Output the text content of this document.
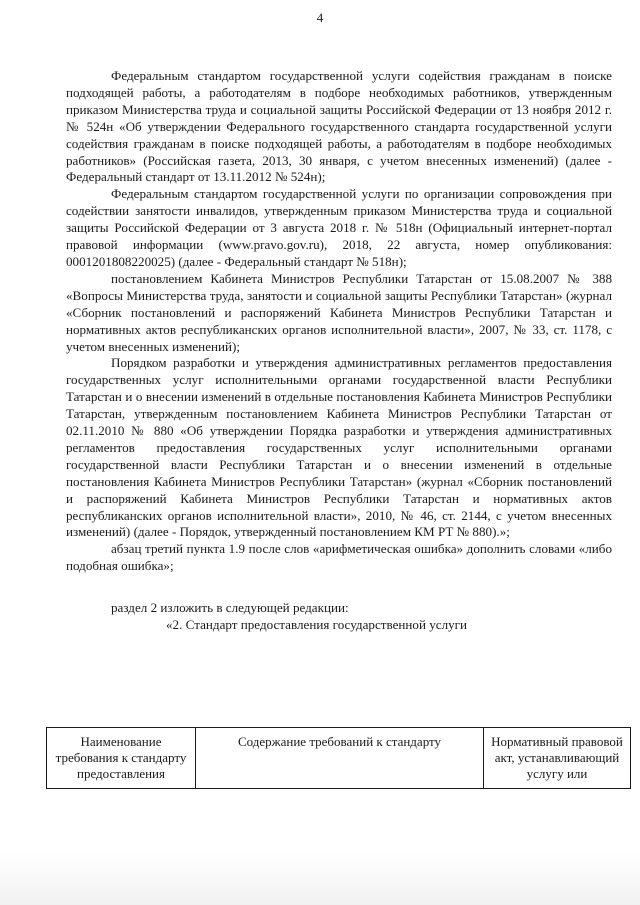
4

Федеральным стандартом государственной услуги содействия гражданам в поиске подходящей работы, а работодателям в подборе необходимых работников, утвержденным приказом Министерства труда и социальной защиты Российской Федерации от 13 ноября 2012 г. № 524н «Об утверждении Федерального государственного стандарта государственной услуги содействия гражданам в поиске подходящей работы, а работодателям в подборе необходимых работников» (Российская газета, 2013, 30 января, с учетом внесенных изменений) (далее - Федеральный стандарт от 13.11.2012 № 524н);

Федеральным стандартом государственной услуги по организации сопровождения при содействии занятости инвалидов, утвержденным приказом Министерства труда и социальной защиты Российской Федерации от 3 августа 2018 г. № 518н (Официальный интернет-портал правовой информации (www.pravo.gov.ru), 2018, 22 августа, номер опубликования: 0001201808220025) (далее - Федеральный стандарт № 518н);

постановлением Кабинета Министров Республики Татарстан от 15.08.2007 № 388 «Вопросы Министерства труда, занятости и социальной защиты Республики Татарстан» (журнал «Сборник постановлений и распоряжений Кабинета Министров Республики Татарстан и нормативных актов республиканских органов исполнительной власти», 2007, № 33, ст. 1178, с учетом внесенных изменений);

Порядком разработки и утверждения административных регламентов предоставления государственных услуг исполнительными органами государственной власти Республики Татарстан и о внесении изменений в отдельные постановления Кабинета Министров Республики Татарстан, утвержденным постановлением Кабинета Министров Республики Татарстан от 02.11.2010 № 880 «Об утверждении Порядка разработки и утверждения административных регламентов предоставления государственных услуг исполнительными органами государственной власти Республики Татарстан и о внесении изменений в отдельные постановления Кабинета Министров Республики Татарстан» (журнал «Сборник постановлений и распоряжений Кабинета Министров Республики Татарстан и нормативных актов республиканских органов исполнительной власти», 2010, № 46, ст. 2144, с учетом внесенных изменений) (далее - Порядок, утвержденный постановлением КМ РТ № 880).»;

абзац третий пункта 1.9 после слов «арифметическая ошибка» дополнить словами «либо подобная ошибка»;

раздел 2 изложить в следующей редакции:

«2. Стандарт предоставления государственной услуги

Наименование требования к стандарту предоставления	Содержание требований к стандарту	Нормативный правовой акт, устанавливающий услугу или
